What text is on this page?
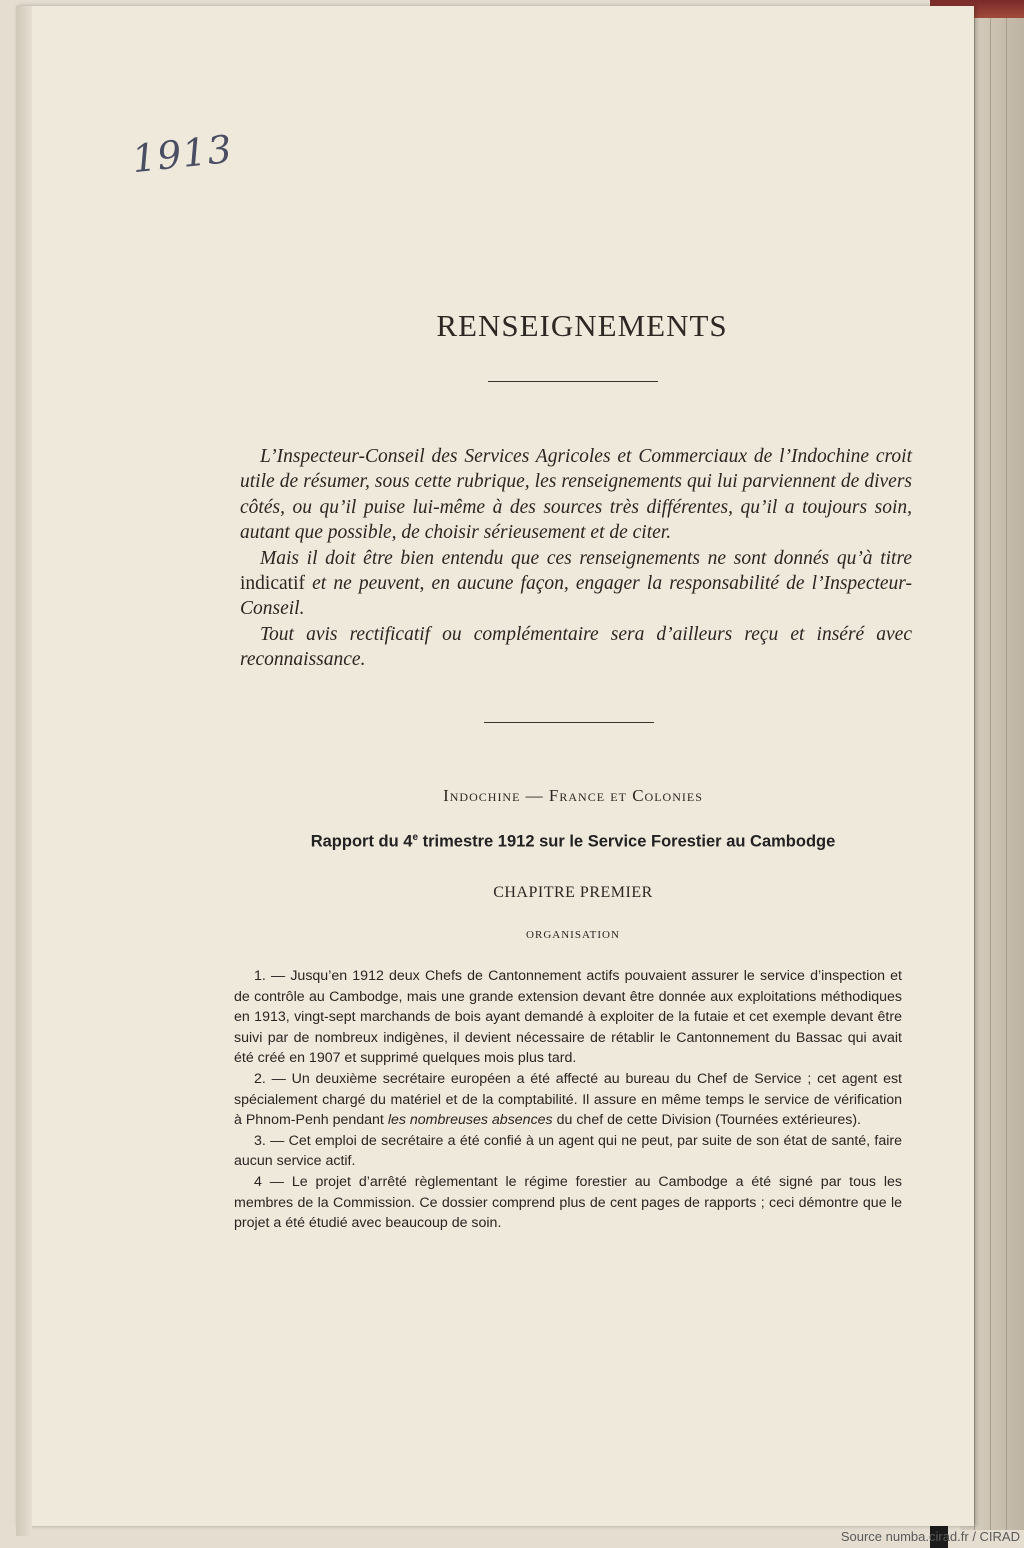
1913
RENSEIGNEMENTS

L’Inspecteur-Conseil des Services Agricoles et Commerciaux de l’Indochine croit utile de résumer, sous cette rubrique, les renseignements qui lui parviennent de divers côtés, ou qu’il puise lui-même à des sources très différentes, qu’il a toujours soin, autant que possible, de choisir sérieusement et de citer.

Mais il doit être bien entendu que ces renseignements ne sont donnés qu’à titre indicatif et ne peuvent, en aucune façon, engager la responsabilité de l’Inspecteur-Conseil.

Tout avis rectificatif ou complémentaire sera d’ailleurs reçu et inséré avec reconnaissance.

Indochine — France et Colonies
Rapport du 4e trimestre 1912 sur le Service Forestier au Cambodge
CHAPITRE PREMIER
ORGANISATION

1. — Jusqu’en 1912 deux Chefs de Cantonnement actifs pouvaient assurer le service d’inspection et de contrôle au Cambodge, mais une grande extension devant être donnée aux exploitations méthodiques en 1913, vingt-sept marchands de bois ayant demandé à exploiter de la futaie et cet exemple devant être suivi par de nombreux indigènes, il devient nécessaire de rétablir le Cantonnement du Bassac qui avait été créé en 1907 et supprimé quelques mois plus tard.

2. — Un deuxième secrétaire européen a été affecté au bureau du Chef de Service ; cet agent est spécialement chargé du matériel et de la comptabilité. Il assure en même temps le service de vérification à Phnom-Penh pendant les nombreuses absences du chef de cette Division (Tournées extérieures).

3. — Cet emploi de secrétaire a été confié à un agent qui ne peut, par suite de son état de santé, faire aucun service actif.

4 — Le projet d’arrêté règlementant le régime forestier au Cambodge a été signé par tous les membres de la Commission. Ce dossier comprend plus de cent pages de rapports ; ceci démontre que le projet a été étudié avec beaucoup de soin.

Source numba.cirad.fr / CIRAD
